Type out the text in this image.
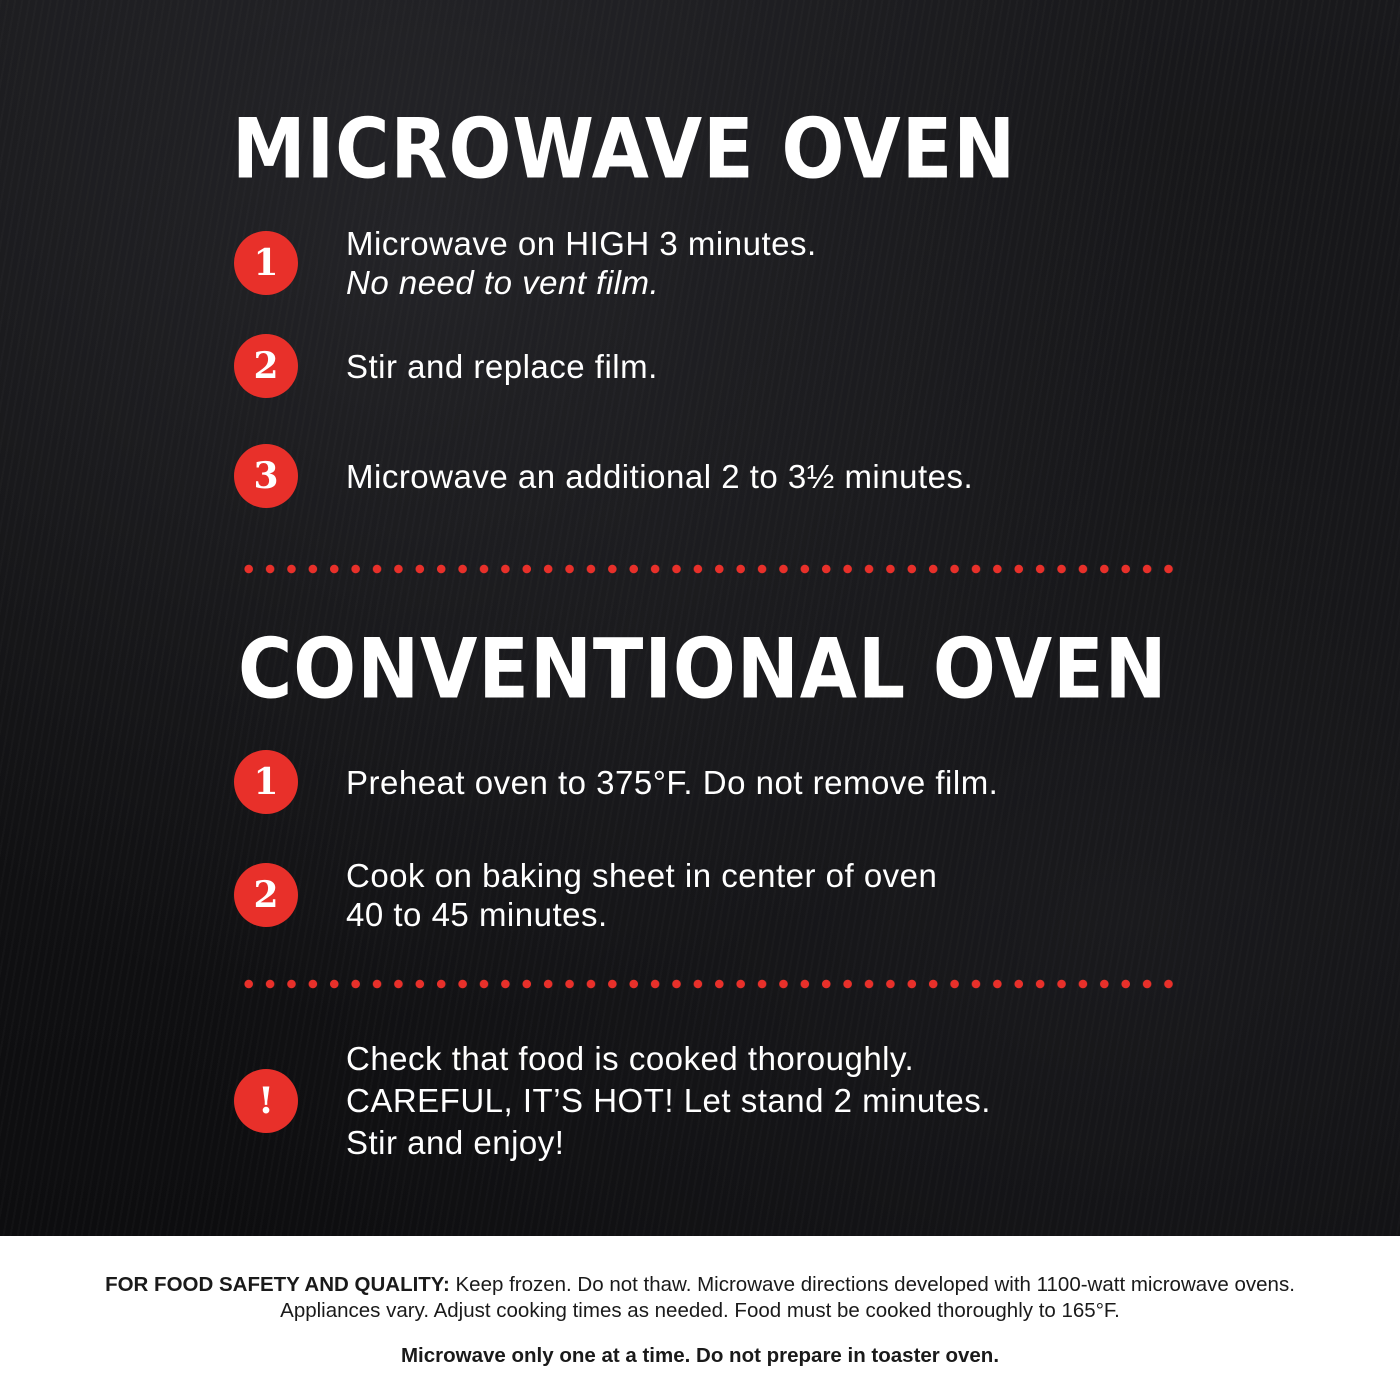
MICROWAVE OVEN
1	Microwave on HIGH 3 minutes.
No need to vent film.
2	Stir and replace film.
3	Microwave an additional 2 to 3½ minutes.
CONVENTIONAL OVEN
1	Preheat oven to 375°F. Do not remove film.
2	Cook on baking sheet in center of oven
40 to 45 minutes.
!
Check that food is cooked thoroughly.
CAREFUL, IT’S HOT! Let stand 2 minutes.
Stir and enjoy!
FOR FOOD SAFETY AND QUALITY: Keep frozen. Do not thaw. Microwave directions developed with 1100-watt microwave ovens. Appliances vary. Adjust cooking times as needed. Food must be cooked thoroughly to 165°F.
Microwave only one at a time. Do not prepare in toaster oven.
